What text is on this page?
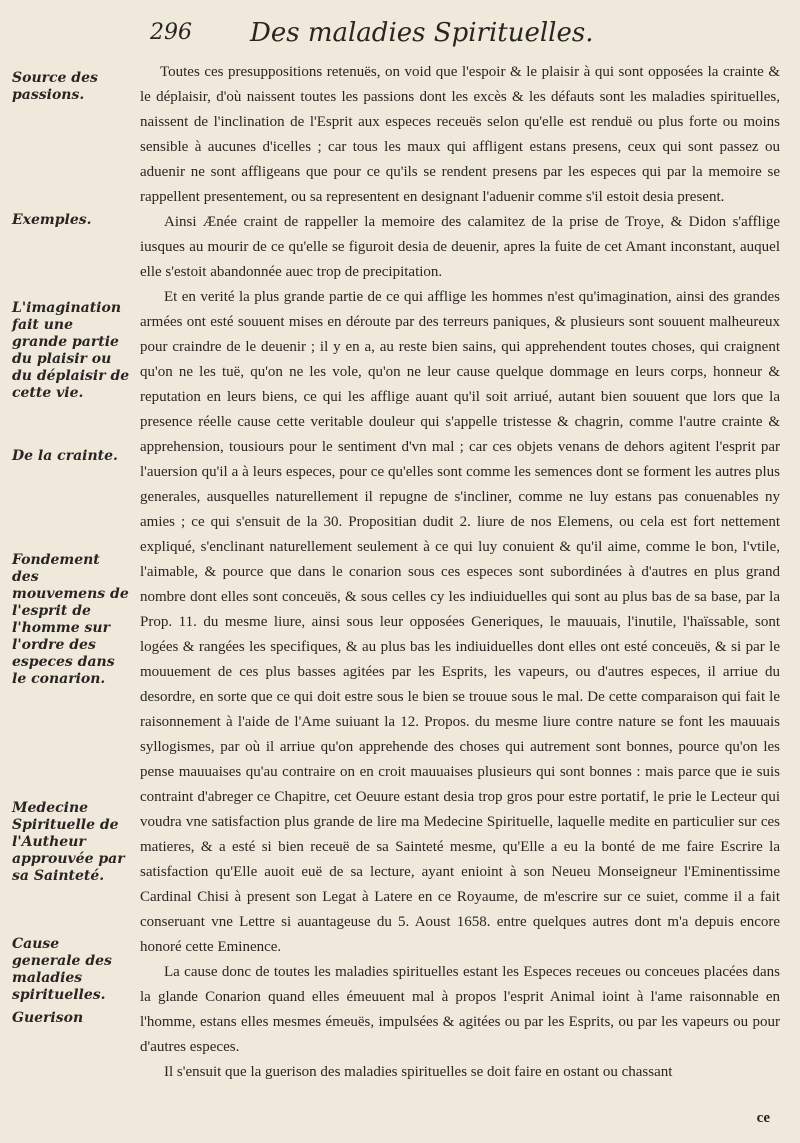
296 Des maladies Spirituelles.
Source des passions.
Exemples.
L'imagination fait une grande partie du plaisir ou du déplaisir de cette vie.
De la crainte.
Fondement des mouvemens de l'esprit de l'homme sur l'ordre des especes dans le conarion.
Medecine Spirituelle de l'Autheur approuvée par sa Sainteté.
Cause generale des maladies spirituelles.
Guerison

Toutes ces presuppositions retenuës, on void que l'espoir & le plaisir à qui sont opposées la crainte & le déplaisir, d'où naissent toutes les passions dont les excès & les défauts sont les maladies spirituelles, naissent de l'inclination de l'Esprit aux especes receuës selon qu'elle est renduë ou plus forte ou moins sensible à aucunes d'icelles ; car tous les maux qui affligent estans presens, ceux qui sont passez ou aduenir ne sont affligeans que pour ce qu'ils se rendent presens par les especes qui par la memoire se rappellent presentement, ou sa representent en designant l'aduenir comme s'il estoit desia present.

Ainsi Ænée craint de rappeller la memoire des calamitez de la prise de Troye, & Didon s'afflige iusques au mourir de ce qu'elle se figuroit desia de deuenir, apres la fuite de cet Amant inconstant, auquel elle s'estoit abandonnée auec trop de precipitation.

Et en verité la plus grande partie de ce qui afflige les hommes n'est qu'imagination, ainsi des grandes armées ont esté souuent mises en déroute par des terreurs paniques, & plusieurs sont souuent malheureux pour craindre de le deuenir ; il y en a, au reste bien sains, qui apprehendent toutes choses, qui craignent qu'on ne les tuë, qu'on ne les vole, qu'on ne leur cause quelque dommage en leurs corps, honneur & reputation en leurs biens, ce qui les afflige auant qu'il soit arriué, autant bien souuent que lors que la presence réelle cause cette veritable douleur qui s'appelle tristesse & chagrin, comme l'autre crainte & apprehension, tousiours pour le sentiment d'vn mal ; car ces objets venans de dehors agitent l'esprit par l'auersion qu'il a à leurs especes, pour ce qu'elles sont comme les semences dont se forment les autres plus generales, ausquelles naturellement il repugne de s'incliner, comme ne luy estans pas conuenables ny amies ; ce qui s'ensuit de la 30. Propositian dudit 2. liure de nos Elemens, ou cela est fort nettement expliqué, s'enclinant naturellement seulement à ce qui luy conuient & qu'il aime, comme le bon, l'vtile, l'aimable, & pource que dans le conarion sous ces especes sont subordinées à d'autres en plus grand nombre dont elles sont conceuës, & sous celles cy les indiuiduelles qui sont au plus bas de sa base, par la Prop. 11. du mesme liure, ainsi sous leur opposées Generiques, le mauuais, l'inutile, l'haïssable, sont logées & rangées les specifiques, & au plus bas les indiuiduelles dont elles ont esté conceuës, & si par le mouuement de ces plus basses agitées par les Esprits, les vapeurs, ou d'autres especes, il arriue du desordre, en sorte que ce qui doit estre sous le bien se trouue sous le mal. De cette comparaison qui fait le raisonnement à l'aide de l'Ame suiuant la 12. Propos. du mesme liure contre nature se font les mauuais syllogismes, par où il arriue qu'on apprehende des choses qui autrement sont bonnes, pource qu'on les pense mauuaises qu'au contraire on en croit mauuaises plusieurs qui sont bonnes : mais parce que ie suis contraint d'abreger ce Chapitre, cet Oeuure estant desia trop gros pour estre portatif, le prie le Lecteur qui voudra vne satisfaction plus grande de lire ma Medecine Spirituelle, laquelle medite en particulier sur ces matieres, & a esté si bien receuë de sa Sainteté mesme, qu'Elle a eu la bonté de me faire Escrire la satisfaction qu'Elle auoit euë de sa lecture, ayant enioint à son Neueu Monseigneur l'Eminentissime Cardinal Chisi à present son Legat à Latere en ce Royaume, de m'escrire sur ce suiet, comme il a fait conseruant vne Lettre si auantageuse du 5. Aoust 1658. entre quelques autres dont m'a depuis encore honoré cette Eminence.

La cause donc de toutes les maladies spirituelles estant les Especes receues ou conceues placées dans la glande Conarion quand elles émeuuent mal à propos l'esprit Animal ioint à l'ame raisonnable en l'homme, estans elles mesmes émeuës, impulsées & agitées ou par les Esprits, ou par les vapeurs ou pour d'autres especes.

Il s'ensuit que la guerison des maladies spirituelles se doit faire en ostant ou chassant

ce
